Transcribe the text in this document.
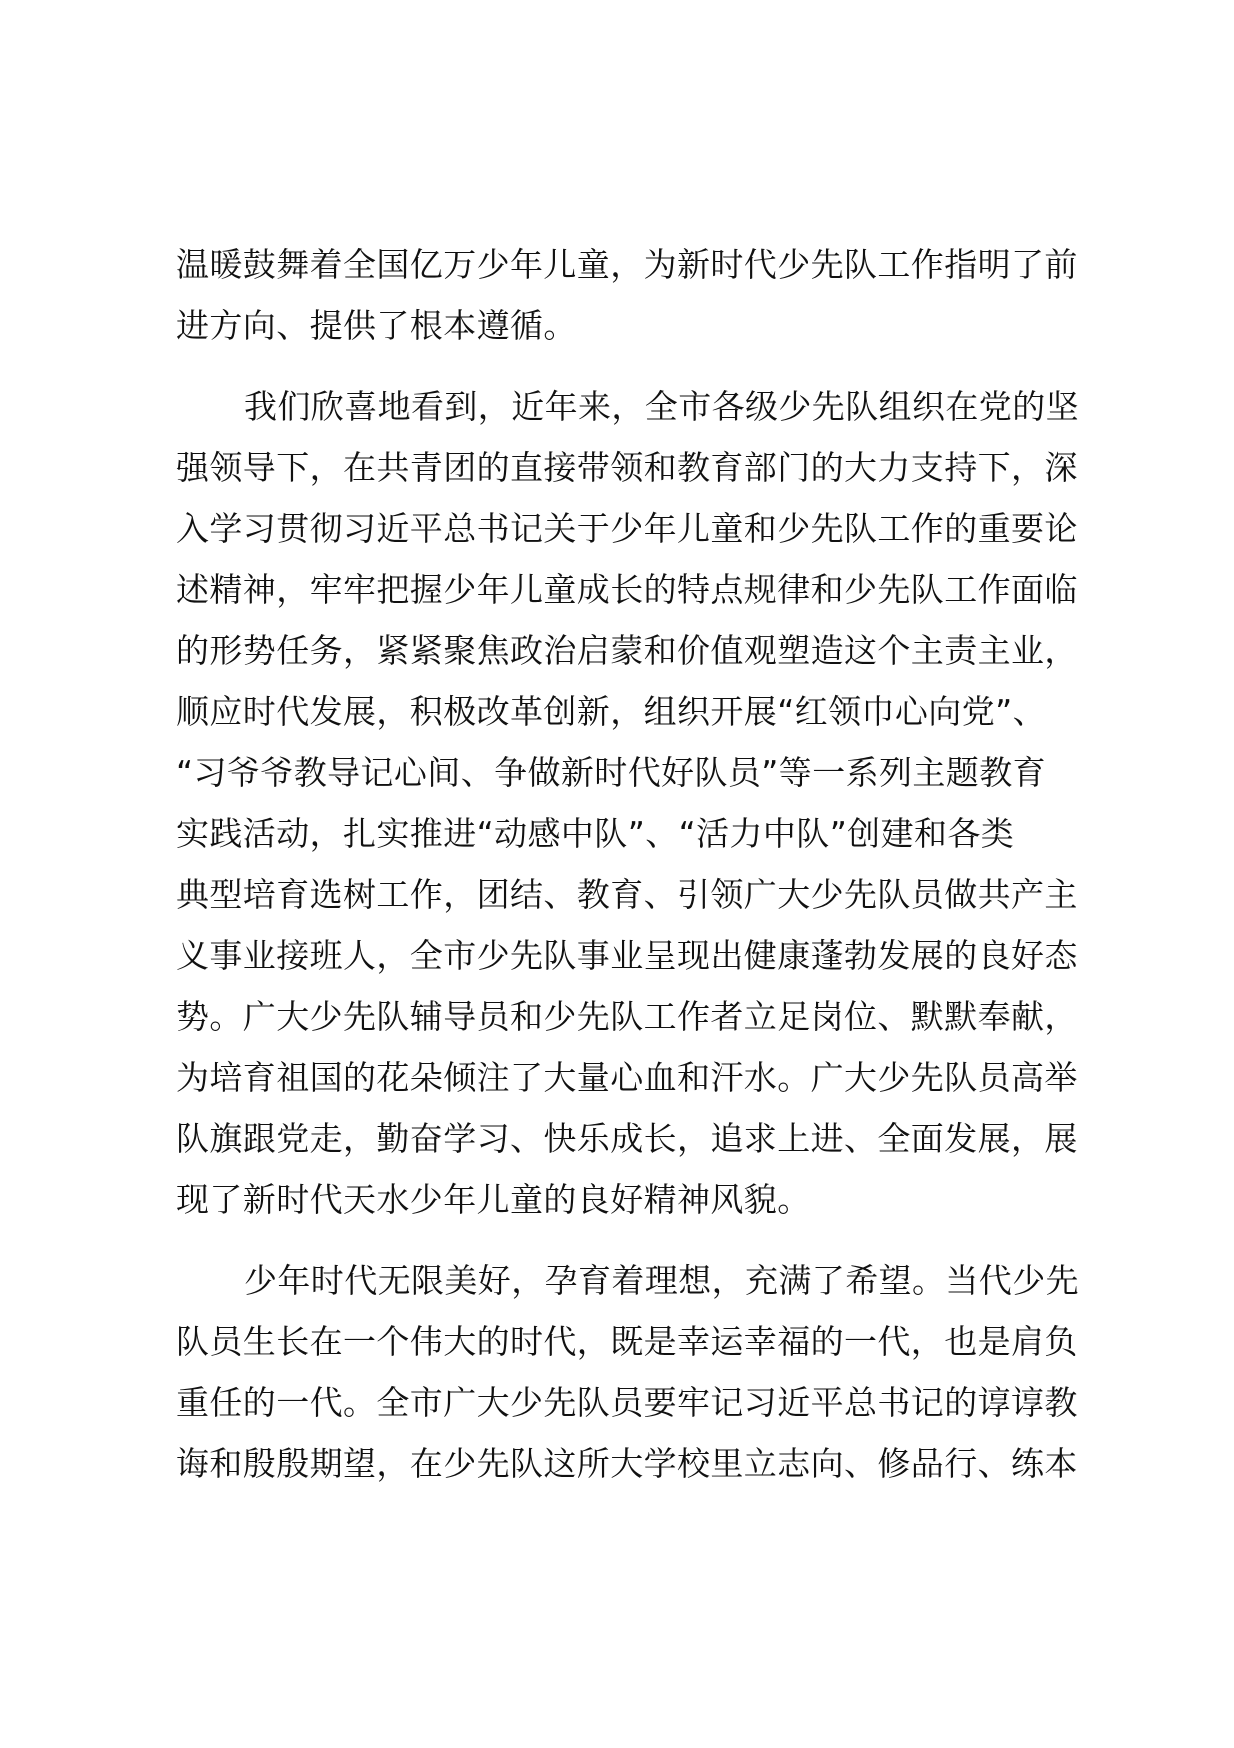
温暖鼓舞着全国亿万少年儿童，为新时代少先队工作指明了前
进方向、提供了根本遵循。
我们欣喜地看到，近年来，全市各级少先队组织在党的坚
强领导下，在共青团的直接带领和教育部门的大力支持下，深
入学习贯彻习近平总书记关于少年儿童和少先队工作的重要论
述精神，牢牢把握少年儿童成长的特点规律和少先队工作面临
的形势任务，紧紧聚焦政治启蒙和价值观塑造这个主责主业，
顺应时代发展，积极改革创新，组织开展“红领巾心向党”、
“习爷爷教导记心间、争做新时代好队员”等一系列主题教育
实践活动，扎实推进“动感中队”、“活力中队”创建和各类
典型培育选树工作，团结、教育、引领广大少先队员做共产主
义事业接班人，全市少先队事业呈现出健康蓬勃发展的良好态
势。广大少先队辅导员和少先队工作者立足岗位、默默奉献，
为培育祖国的花朵倾注了大量心血和汗水。广大少先队员高举
队旗跟党走，勤奋学习、快乐成长，追求上进、全面发展，展
现了新时代天水少年儿童的良好精神风貌。
少年时代无限美好，孕育着理想，充满了希望。当代少先
队员生长在一个伟大的时代，既是幸运幸福的一代，也是肩负
重任的一代。全市广大少先队员要牢记习近平总书记的谆谆教
诲和殷殷期望，在少先队这所大学校里立志向、修品行、练本
